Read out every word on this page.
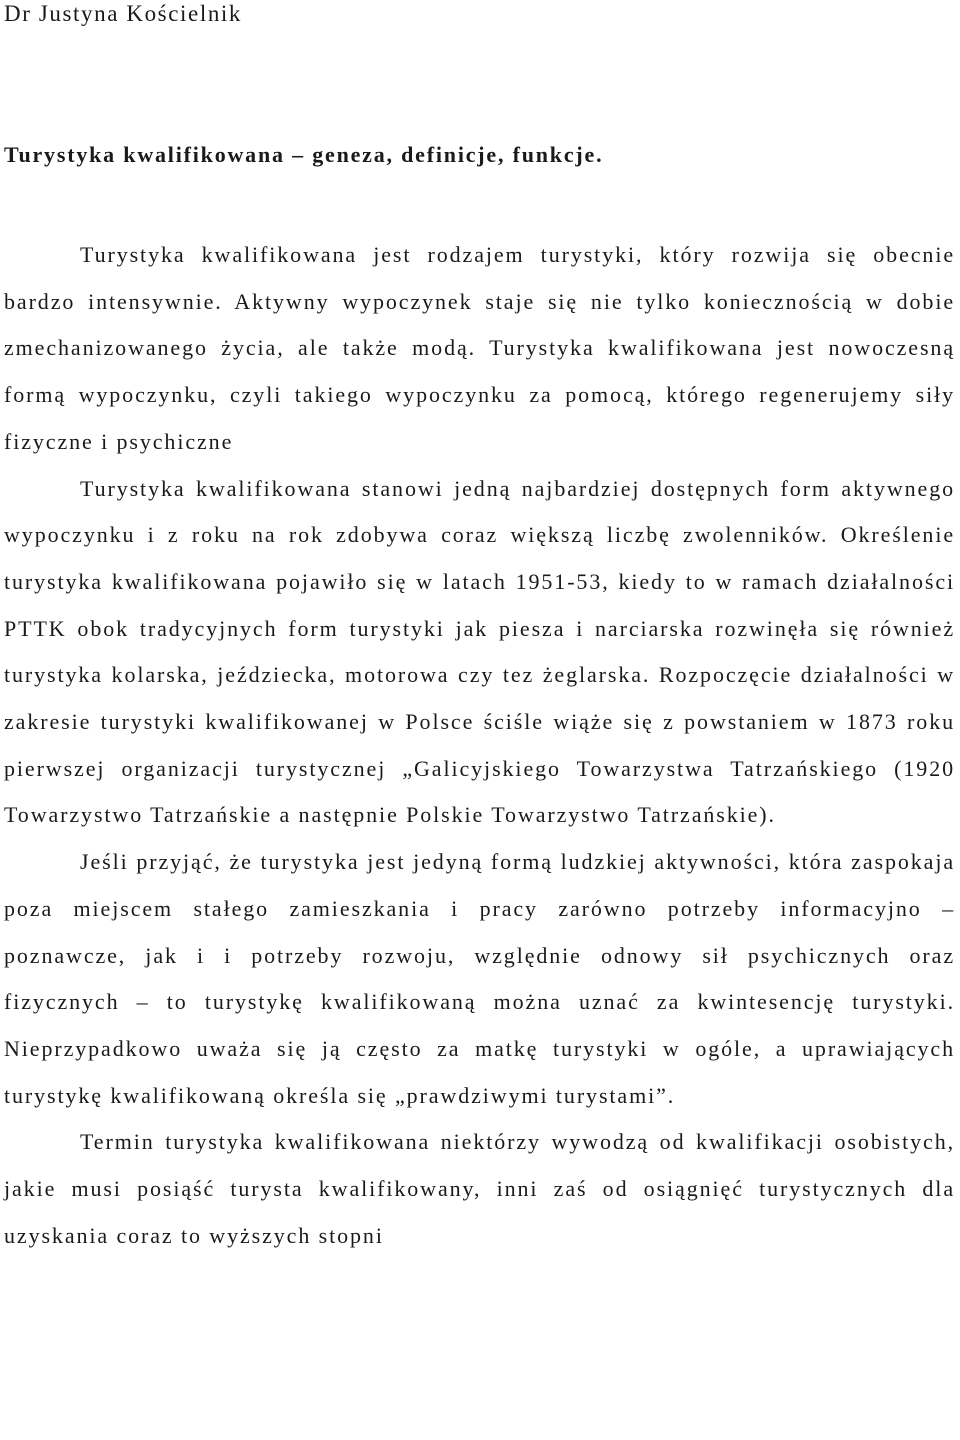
Dr Justyna Kościelnik
Turystyka kwalifikowana – geneza, definicje, funkcje.

Turystyka kwalifikowana jest rodzajem turystyki, który rozwija się obecnie bardzo intensywnie. Aktywny wypoczynek staje się nie tylko koniecznością w dobie zmechanizowanego życia, ale także modą. Turystyka kwalifikowana jest nowoczesną formą wypoczynku, czyli takiego wypoczynku za pomocą, którego regenerujemy siły fizyczne i psychiczne

Turystyka kwalifikowana stanowi jedną najbardziej dostępnych form aktywnego wypoczynku i z roku na rok zdobywa coraz większą liczbę zwolenników. Określenie turystyka kwalifikowana pojawiło się w latach 1951-53, kiedy to w ramach działalności PTTK obok tradycyjnych form turystyki jak piesza i narciarska rozwinęła się również turystyka kolarska, jeździecka, motorowa czy tez żeglarska. Rozpoczęcie działalności w zakresie turystyki kwalifikowanej w Polsce ściśle wiąże się z powstaniem w 1873 roku pierwszej organizacji turystycznej „Galicyjskiego Towarzystwa Tatrzańskiego (1920 Towarzystwo Tatrzańskie a następnie Polskie Towarzystwo Tatrzańskie).

Jeśli przyjąć, że turystyka jest jedyną formą ludzkiej aktywności, która zaspokaja poza miejscem stałego zamieszkania i pracy zarówno potrzeby informacyjno – poznawcze, jak i i potrzeby rozwoju, względnie odnowy sił psychicznych oraz fizycznych – to turystykę kwalifikowaną można uznać za kwintesencję turystyki. Nieprzypadkowo uważa się ją często za matkę turystyki w ogóle, a uprawiających turystykę kwalifikowaną określa się „prawdziwymi turystami”.

Termin turystyka kwalifikowana niektórzy wywodzą od kwalifikacji osobistych, jakie musi posiąść turysta kwalifikowany, inni zaś od osiągnięć turystycznych dla uzyskania coraz to wyższych stopni
